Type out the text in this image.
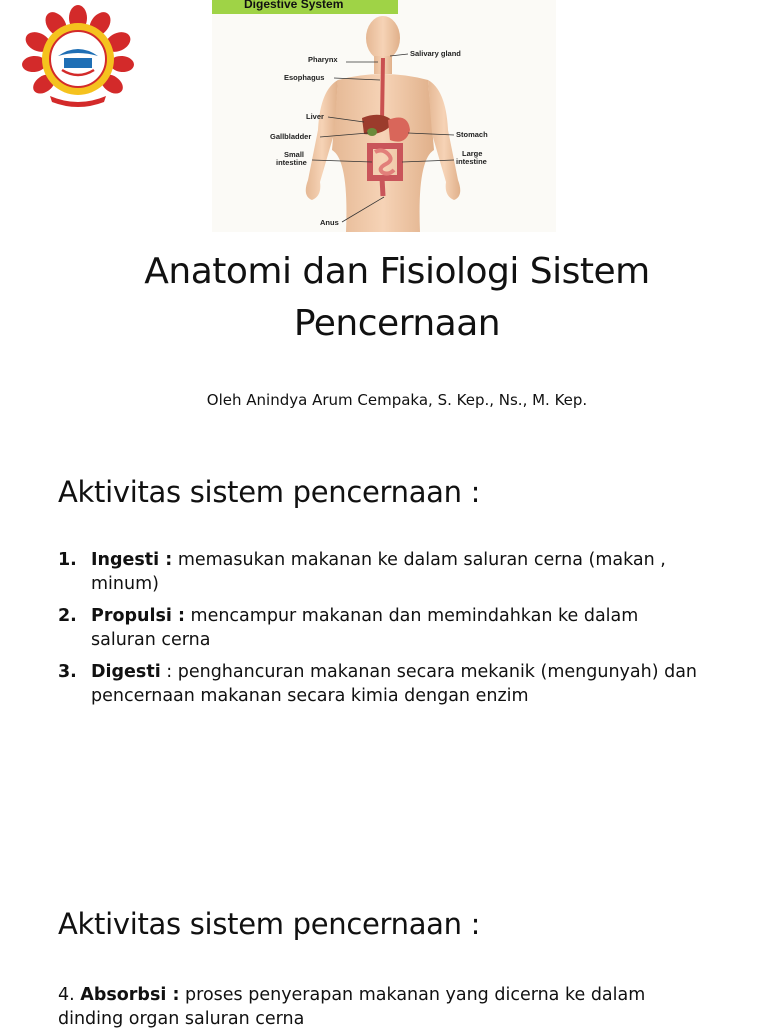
Digestive System
Pharynx
Esophagus
Salivary gland
Liver
Gallbladder
Small
intestine
Stomach
Large
intestine
Anus
Anatomi dan Fisiologi Sistem
Pencernaan

Oleh Anindya Arum Cempaka, S. Kep., Ns., M. Kep.

Aktivitas sistem pencernaan :
1. Ingesti : memasukan makanan ke dalam saluran cerna (makan , minum)
2. Propulsi : mencampur makanan dan memindahkan ke dalam saluran cerna
3. Digesti : penghancuran makanan secara mekanik (mengunyah) dan pencernaan makanan secara kimia dengan enzim
Aktivitas sistem pencernaan :

4. Absorbsi : proses penyerapan makanan yang dicerna ke dalam dinding organ saluran cerna
